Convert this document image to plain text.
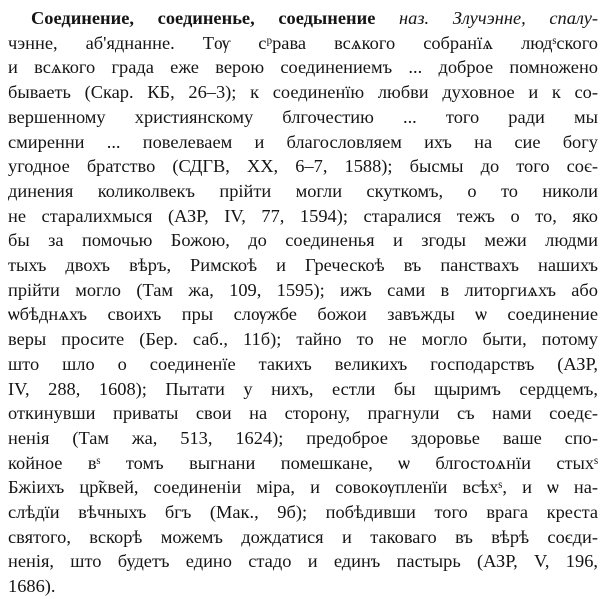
Соединение, соединенье, соедынение наз. Злучэнне, спалу-
чэнне, аб'яднанне. Тѹ сᵖрава всѧкого собранїѧ людˢского
и всѧкого града еже верою соединениемъ ... доброе помножено
бываеть (Скар. КБ, 26–3); к соединенїю любви духовное и к со-
вершенному християнскому блгочестию ... того ради мы
смиренни ... повелеваем и благословляем ихъ на сие богу
угодное братство (СДГВ, XX, 6–7, 1588); бысмы до того соє-
динения коликолвекъ прійти могли скуткомъ, о то николи
не старалихмыся (АЗР, IV, 77, 1594); старалися тежъ о то, яко
бы за помочью Божою, до соединенья и згоды межи людми
тыхъ двохъ вѣръ, Римскоѣ и Греческоѣ въ панствахъ нашихъ
прійти могло (Там жа, 109, 1595); ижъ сами в литоргиѧхъ або
ѡбѣднѧхъ своихъ пры слѹжбе божои завъжды ѡ соединение
веры просите (Бер. саб., 11б); тайно то не могло быти, потому
што шло о соединенїе такихъ великихъ господарствъ (АЗР,
IV, 288, 1608); Пытати у нихъ, естли бы щыримъ сердцемъ,
откинувши приваты свои на сторону, прагнули съ нами соедє-
ненія (Там жа, 513, 1624); предоброе здоровье ваше спо-
койное вˢ томъ выгнани помешкане, ѡ блгостоѧнїи стыхˢ
Бжіихъ цр̃квей, соединеніи міра, и совокѹпленїи всѣхˢ, и ѡ на-
слѣдїи вѣчныхъ бгъ (Мак., 9б); побѣдивши того врага креста
святого, вскорѣ можемъ дождатися и таковаго въ вѣрѣ соєди-
ненія, што будетъ едино стадо и единъ пастырь (АЗР, V, 196,
1686).
